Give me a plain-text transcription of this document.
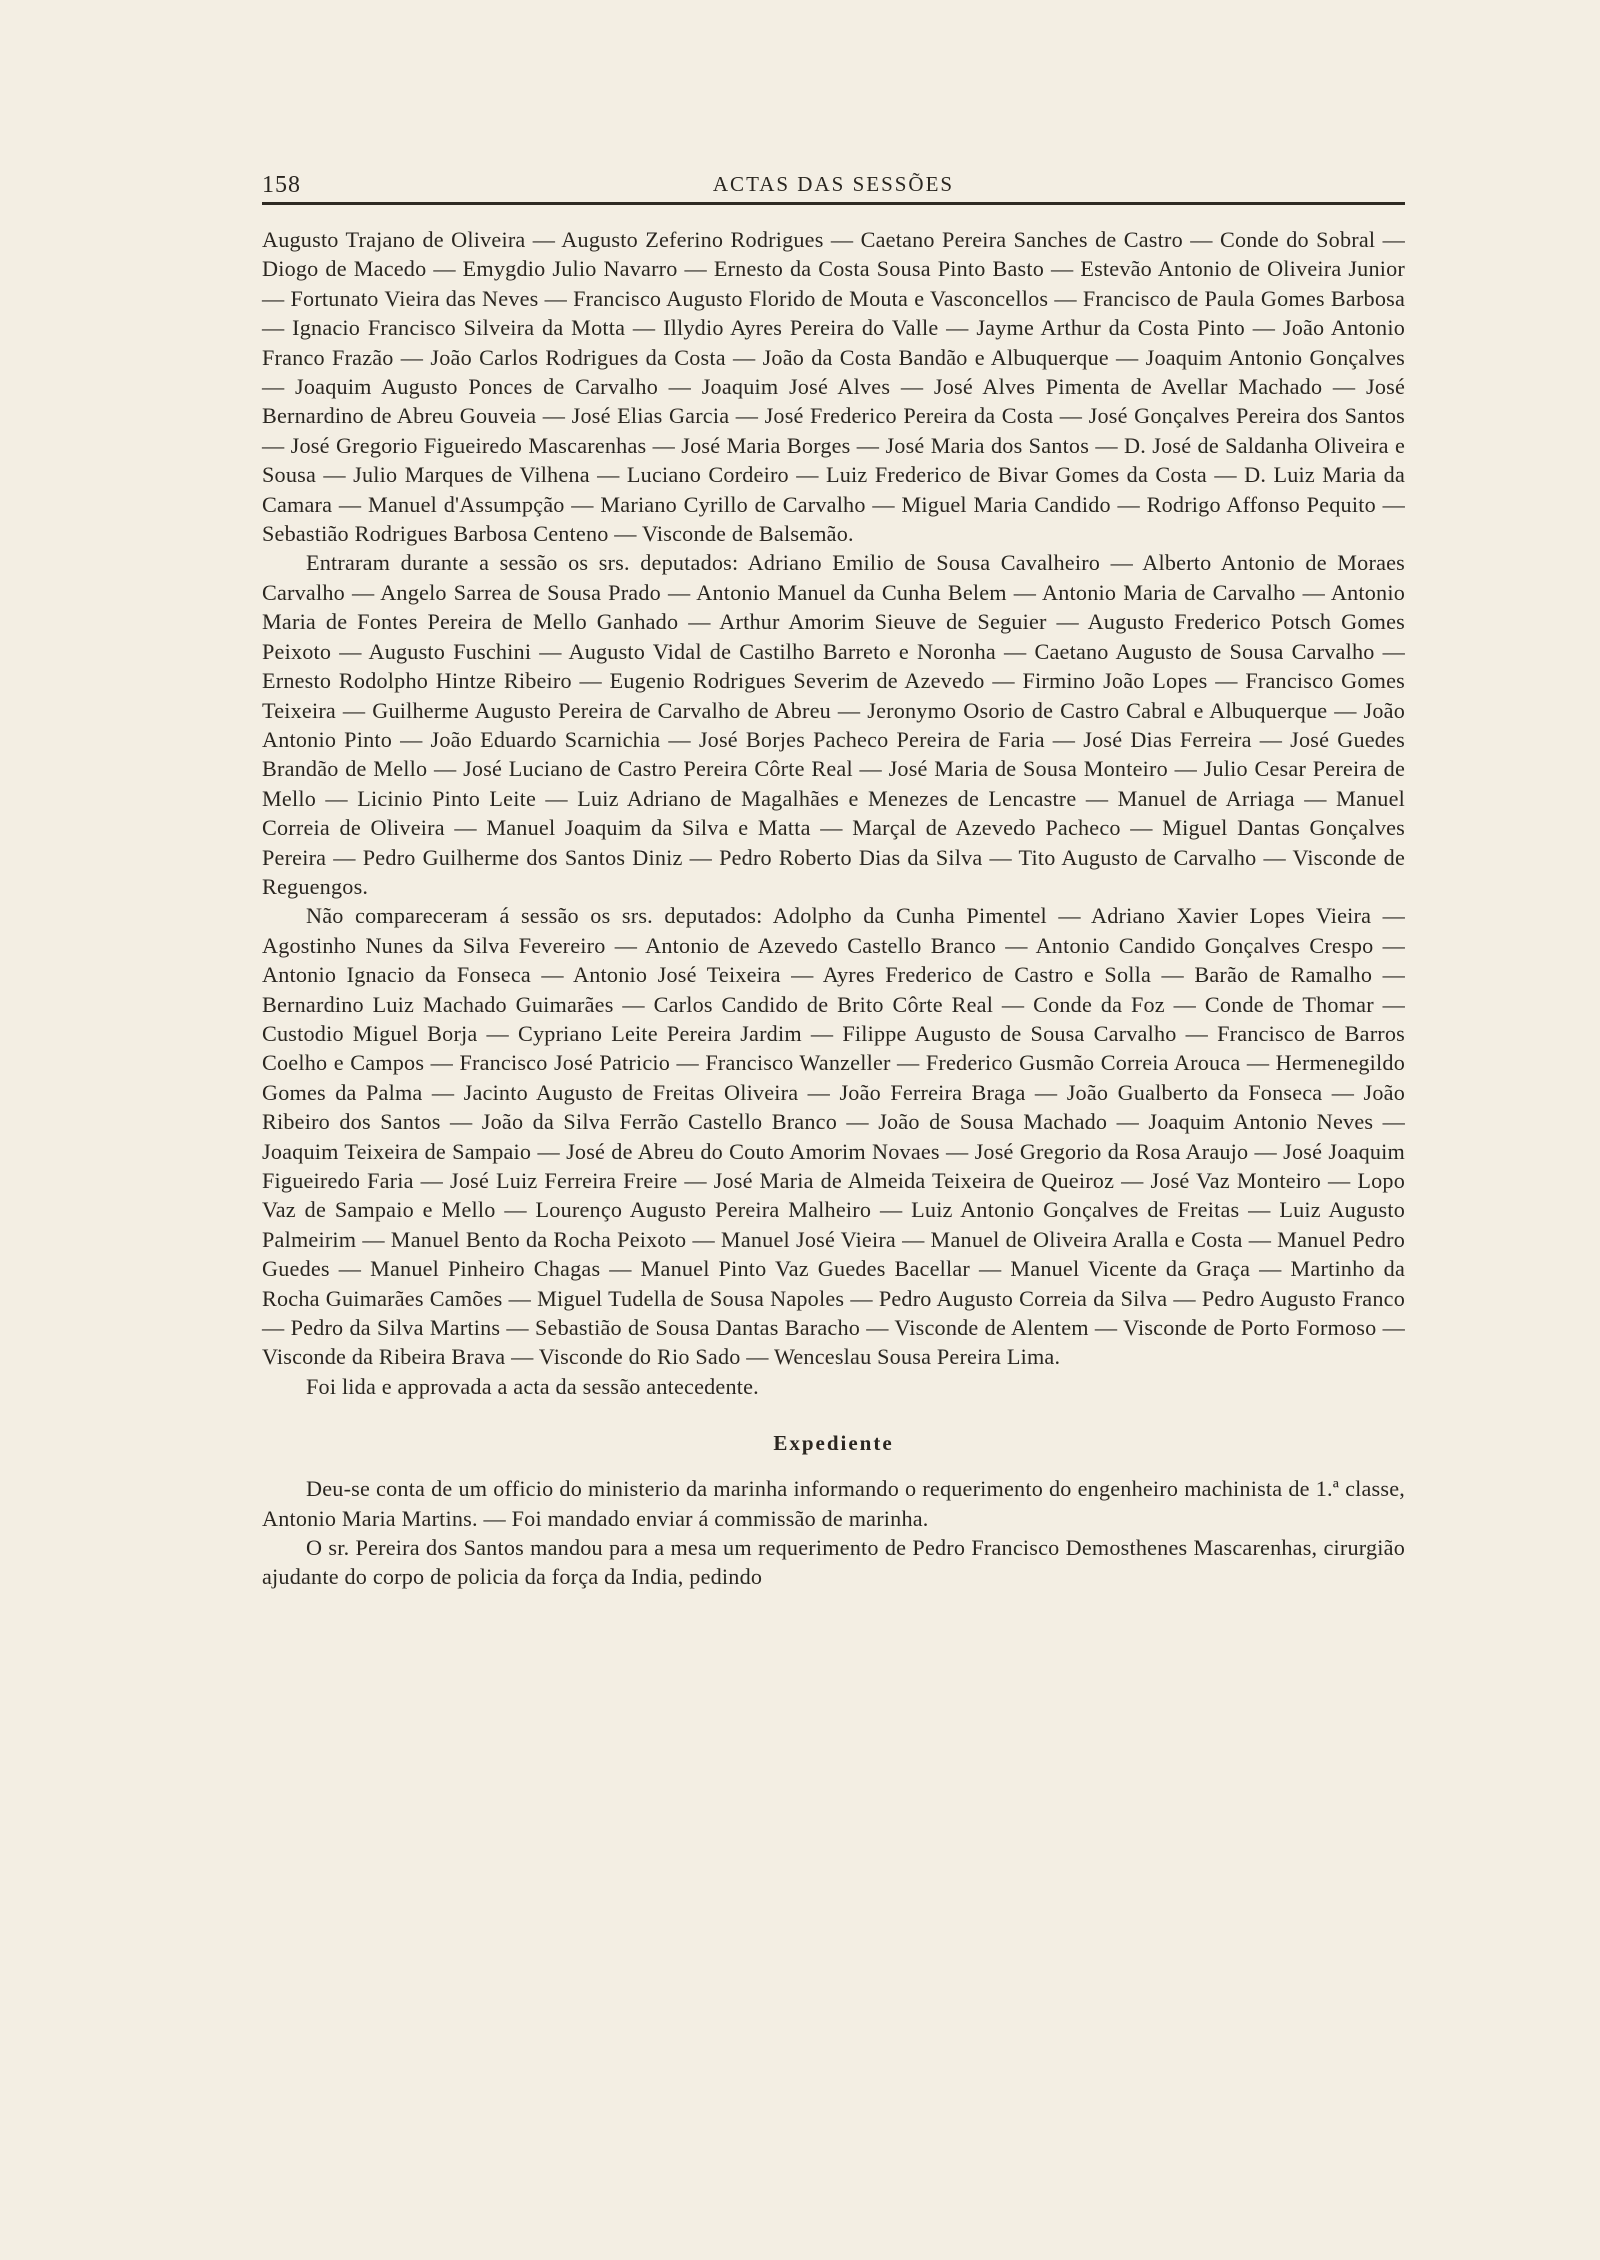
158	ACTAS DAS SESSÕES

Augusto Trajano de Oliveira — Augusto Zeferino Rodrigues — Caetano Pereira Sanches de Castro — Conde do Sobral — Diogo de Macedo — Emygdio Julio Navarro — Ernesto da Costa Sousa Pinto Basto — Estevão Antonio de Oliveira Junior — Fortunato Vieira das Neves — Francisco Augusto Florido de Mouta e Vasconcellos — Francisco de Paula Gomes Barbosa — Ignacio Francisco Silveira da Motta — Illydio Ayres Pereira do Valle — Jayme Arthur da Costa Pinto — João Antonio Franco Frazão — João Carlos Rodrigues da Costa — João da Costa Bandão e Albuquerque — Joaquim Antonio Gonçalves — Joaquim Augusto Ponces de Carvalho — Joaquim José Alves — José Alves Pimenta de Avellar Machado — José Bernardino de Abreu Gouveia — José Elias Garcia — José Frederico Pereira da Costa — José Gonçalves Pereira dos Santos — José Gregorio Figueiredo Mascarenhas — José Maria Borges — José Maria dos Santos — D. José de Saldanha Oliveira e Sousa — Julio Marques de Vilhena — Luciano Cordeiro — Luiz Frederico de Bivar Gomes da Costa — D. Luiz Maria da Camara — Manuel d'Assumpção — Mariano Cyrillo de Carvalho — Miguel Maria Candido — Rodrigo Affonso Pequito — Sebastião Rodrigues Barbosa Centeno — Visconde de Balsemão.

Entraram durante a sessão os srs. deputados: Adriano Emilio de Sousa Cavalheiro — Alberto Antonio de Moraes Carvalho — Angelo Sarrea de Sousa Prado — Antonio Manuel da Cunha Belem — Antonio Maria de Carvalho — Antonio Maria de Fontes Pereira de Mello Ganhado — Arthur Amorim Sieuve de Seguier — Augusto Frederico Potsch Gomes Peixoto — Augusto Fuschini — Augusto Vidal de Castilho Barreto e Noronha — Caetano Augusto de Sousa Carvalho — Ernesto Rodolpho Hintze Ribeiro — Eugenio Rodrigues Severim de Azevedo — Firmino João Lopes — Francisco Gomes Teixeira — Guilherme Augusto Pereira de Carvalho de Abreu — Jeronymo Osorio de Castro Cabral e Albuquerque — João Antonio Pinto — João Eduardo Scarnichia — José Borjes Pacheco Pereira de Faria — José Dias Ferreira — José Guedes Brandão de Mello — José Luciano de Castro Pereira Côrte Real — José Maria de Sousa Monteiro — Julio Cesar Pereira de Mello — Licinio Pinto Leite — Luiz Adriano de Magalhães e Menezes de Lencastre — Manuel de Arriaga — Manuel Correia de Oliveira — Manuel Joaquim da Silva e Matta — Marçal de Azevedo Pacheco — Miguel Dantas Gonçalves Pereira — Pedro Guilherme dos Santos Diniz — Pedro Roberto Dias da Silva — Tito Augusto de Carvalho — Visconde de Reguengos.

Não compareceram á sessão os srs. deputados: Adolpho da Cunha Pimentel — Adriano Xavier Lopes Vieira — Agostinho Nunes da Silva Fevereiro — Antonio de Azevedo Castello Branco — Antonio Candido Gonçalves Crespo — Antonio Ignacio da Fonseca — Antonio José Teixeira — Ayres Frederico de Castro e Solla — Barão de Ramalho — Bernardino Luiz Machado Guimarães — Carlos Candido de Brito Côrte Real — Conde da Foz — Conde de Thomar — Custodio Miguel Borja — Cypriano Leite Pereira Jardim — Filippe Augusto de Sousa Carvalho — Francisco de Barros Coelho e Campos — Francisco José Patricio — Francisco Wanzeller — Frederico Gusmão Correia Arouca — Hermenegildo Gomes da Palma — Jacinto Augusto de Freitas Oliveira — João Ferreira Braga — João Gualberto da Fonseca — João Ribeiro dos Santos — João da Silva Ferrão Castello Branco — João de Sousa Machado — Joaquim Antonio Neves — Joaquim Teixeira de Sampaio — José de Abreu do Couto Amorim Novaes — José Gregorio da Rosa Araujo — José Joaquim Figueiredo Faria — José Luiz Ferreira Freire — José Maria de Almeida Teixeira de Queiroz — José Vaz Monteiro — Lopo Vaz de Sampaio e Mello — Lourenço Augusto Pereira Malheiro — Luiz Antonio Gonçalves de Freitas — Luiz Augusto Palmeirim — Manuel Bento da Rocha Peixoto — Manuel José Vieira — Manuel de Oliveira Aralla e Costa — Manuel Pedro Guedes — Manuel Pinheiro Chagas — Manuel Pinto Vaz Guedes Bacellar — Manuel Vicente da Graça — Martinho da Rocha Guimarães Camões — Miguel Tudella de Sousa Napoles — Pedro Augusto Correia da Silva — Pedro Augusto Franco — Pedro da Silva Martins — Sebastião de Sousa Dantas Baracho — Visconde de Alentem — Visconde de Porto Formoso — Visconde da Ribeira Brava — Visconde do Rio Sado — Wenceslau Sousa Pereira Lima.

Foi lida e approvada a acta da sessão antecedente.

Expediente

Deu-se conta de um officio do ministerio da marinha informando o requerimento do engenheiro machinista de 1.ª classe, Antonio Maria Martins. — Foi mandado enviar á commissão de marinha.

O sr. Pereira dos Santos mandou para a mesa um requerimento de Pedro Francisco Demosthenes Mascarenhas, cirurgião ajudante do corpo de policia da força da India, pedindo
